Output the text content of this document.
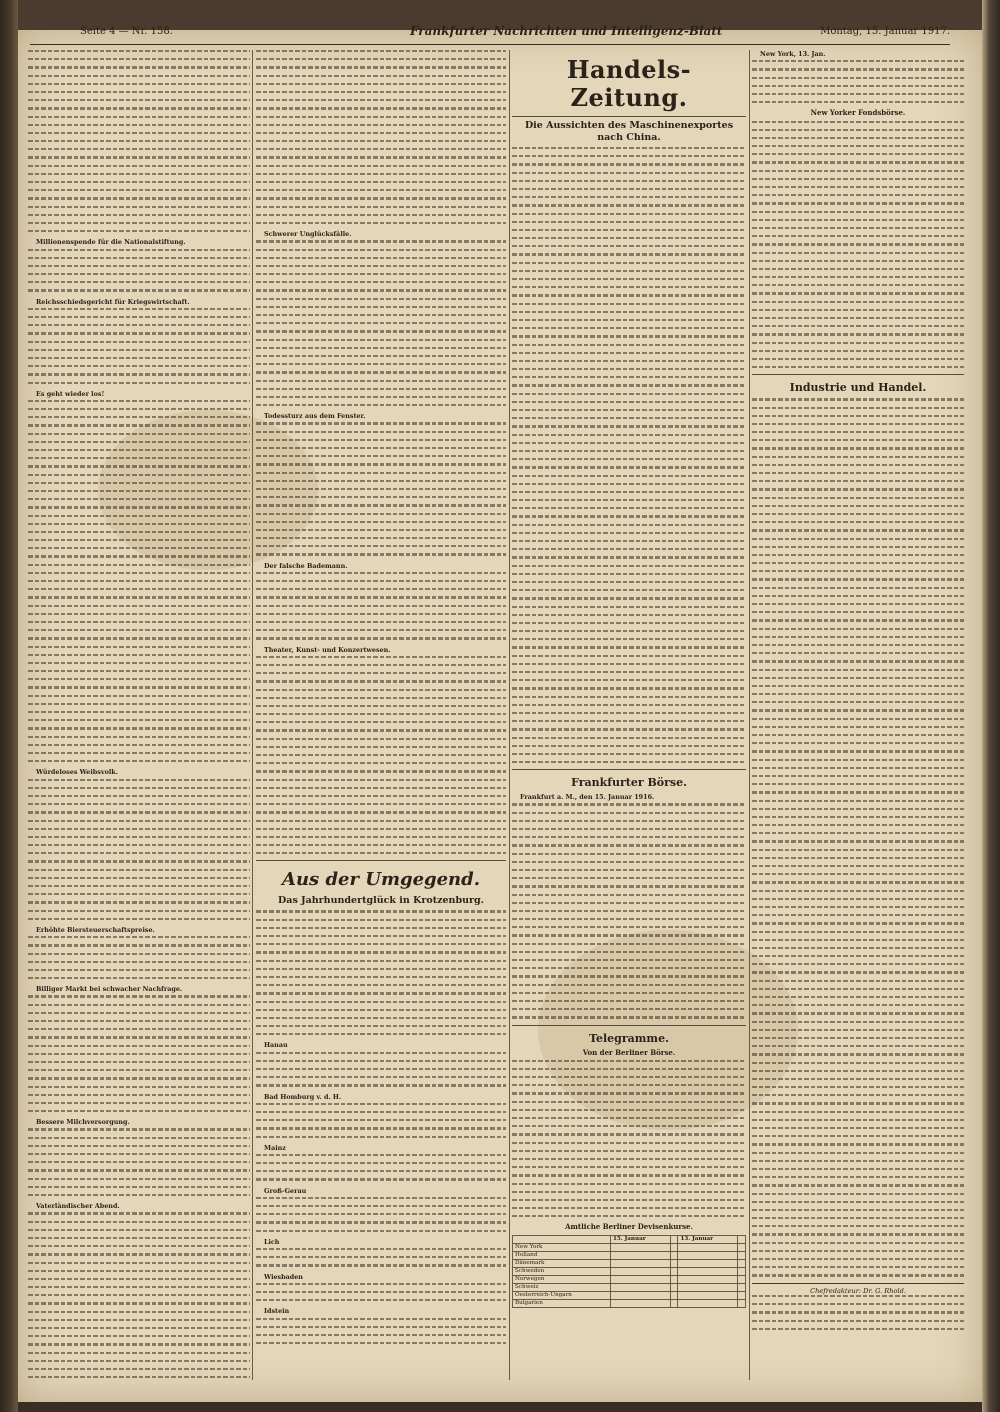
Seite 4 — Nr. 158.	Frankfurter Nachrichten und Intelligenz-Blatt	Montag, 15. Januar 1917.

Millionenspende für die Nationalstiftung.

Reichsschiedsgericht für Kriegswirtschaft.

Es geht wieder los!

Würdeloses Weibsvolk.

Erhöhte Biersteuerschaftspreise.

Billiger Markt bei schwacher Nachfrage.

Bessere Milchversorgung.

Vaterländischer Abend.

Schwerer Unglücksfälle.

Todessturz aus dem Fenster.

Der falsche Bademann.

Theater, Kunst- und Konzertwesen.

Aus der Umgegend.
Das Jahrhundertglück in Krotzenburg.

Hanau

Bad Homburg v. d. H.

Mainz

Groß-Gerau

Lich

Wiesbaden

Idstein

Handels-Zeitung.
Die Aussichten des Maschinenexportes nach China.
Frankfurter Börse.

Frankfurt a. M., den 15. Januar 1916.

Telegramme.
Von der Berliner Börse.
Amtliche Berliner Devisenkurse.
	15. Januar		13. Januar	
New York				
Holland				
Dänemark				
Schweden				
Norwegen				
Schweiz				
Oesterreich-Ungarn				
Bulgarien				

New York, 13. Jan.

New Yorker Fondsbörse.
Industrie und Handel.
Chefredakteur: Dr. G. Rhold.
